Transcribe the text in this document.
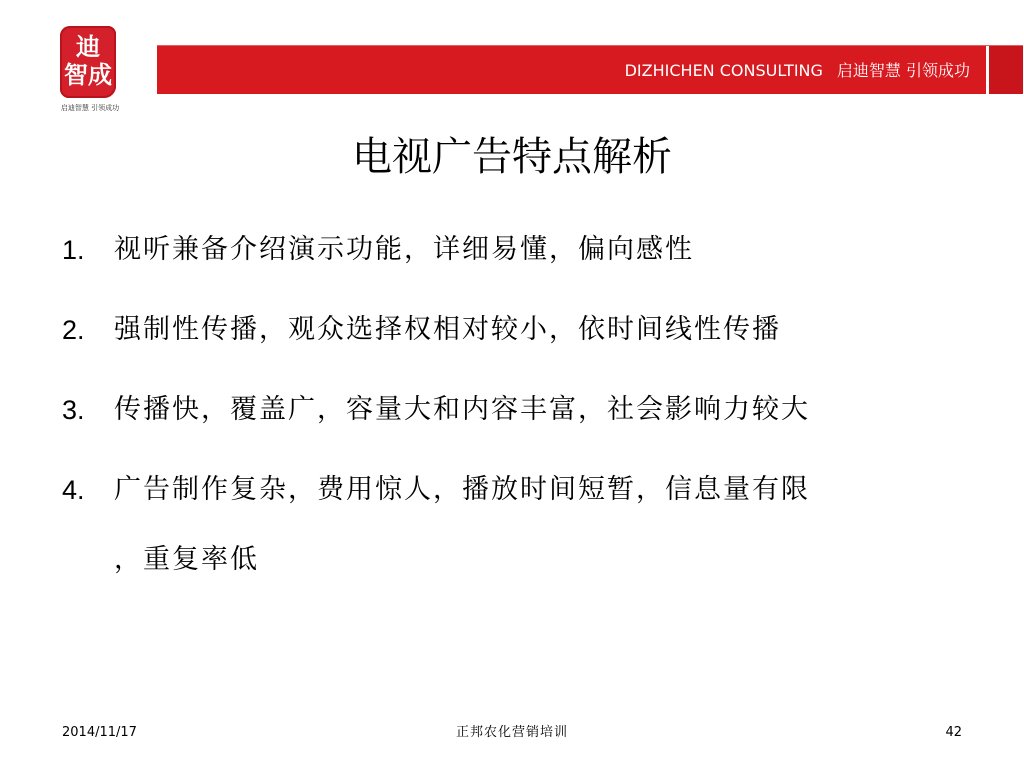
迪
智成
启迪智慧 引领成功
DIZHICHEN CONSULTING 启迪智慧 引领成功
电视广告特点解析
1. 视听兼备介绍演示功能，详细易懂，偏向感性
2. 强制性传播，观众选择权相对较小，依时间线性传播
3. 传播快，覆盖广，容量大和内容丰富，社会影响力较大
4. 广告制作复杂，费用惊人，播放时间短暂，信息量有限
，重复率低
2014/11/17	正邦农化营销培训	42
